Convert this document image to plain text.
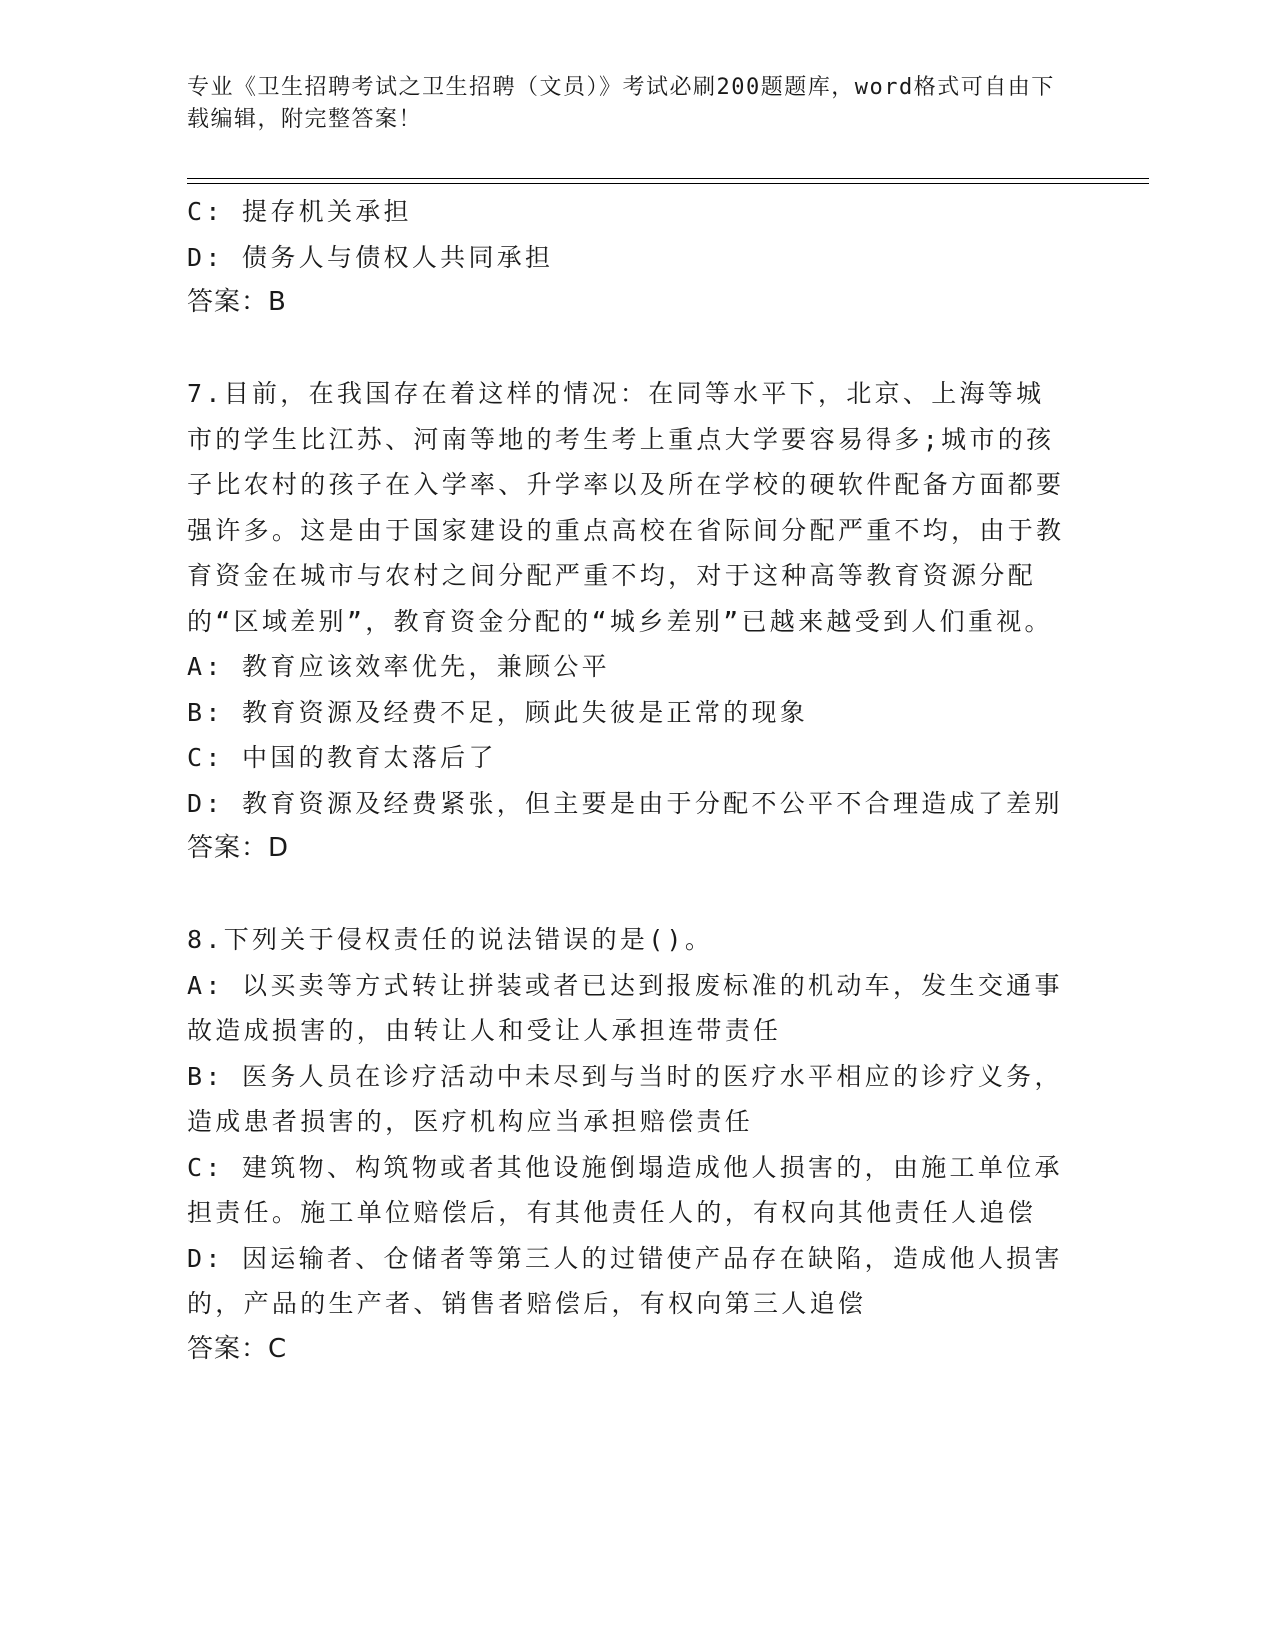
专业《卫生招聘考试之卫生招聘（文员）》考试必刷200题题库，word格式可自由下载编辑，附完整答案！
C: 提存机关承担
D: 债务人与债权人共同承担
答案：B
7.目前，在我国存在着这样的情况：在同等水平下，北京、上海等城市的学生比江苏、河南等地的考生考上重点大学要容易得多;城市的孩子比农村的孩子在入学率、升学率以及所在学校的硬软件配备方面都要强许多。这是由于国家建设的重点高校在省际间分配严重不均，由于教育资金在城市与农村之间分配严重不均，对于这种高等教育资源分配的“区域差别”，教育资金分配的“城乡差别”已越来越受到人们重视。
A: 教育应该效率优先，兼顾公平
B: 教育资源及经费不足，顾此失彼是正常的现象
C: 中国的教育太落后了
D: 教育资源及经费紧张，但主要是由于分配不公平不合理造成了差别
答案：D
8.下列关于侵权责任的说法错误的是()。
A: 以买卖等方式转让拼装或者已达到报废标准的机动车，发生交通事故造成损害的，由转让人和受让人承担连带责任
B: 医务人员在诊疗活动中未尽到与当时的医疗水平相应的诊疗义务，造成患者损害的，医疗机构应当承担赔偿责任
C: 建筑物、构筑物或者其他设施倒塌造成他人损害的，由施工单位承担责任。施工单位赔偿后，有其他责任人的，有权向其他责任人追偿
D: 因运输者、仓储者等第三人的过错使产品存在缺陷，造成他人损害的，产品的生产者、销售者赔偿后，有权向第三人追偿
答案：C
